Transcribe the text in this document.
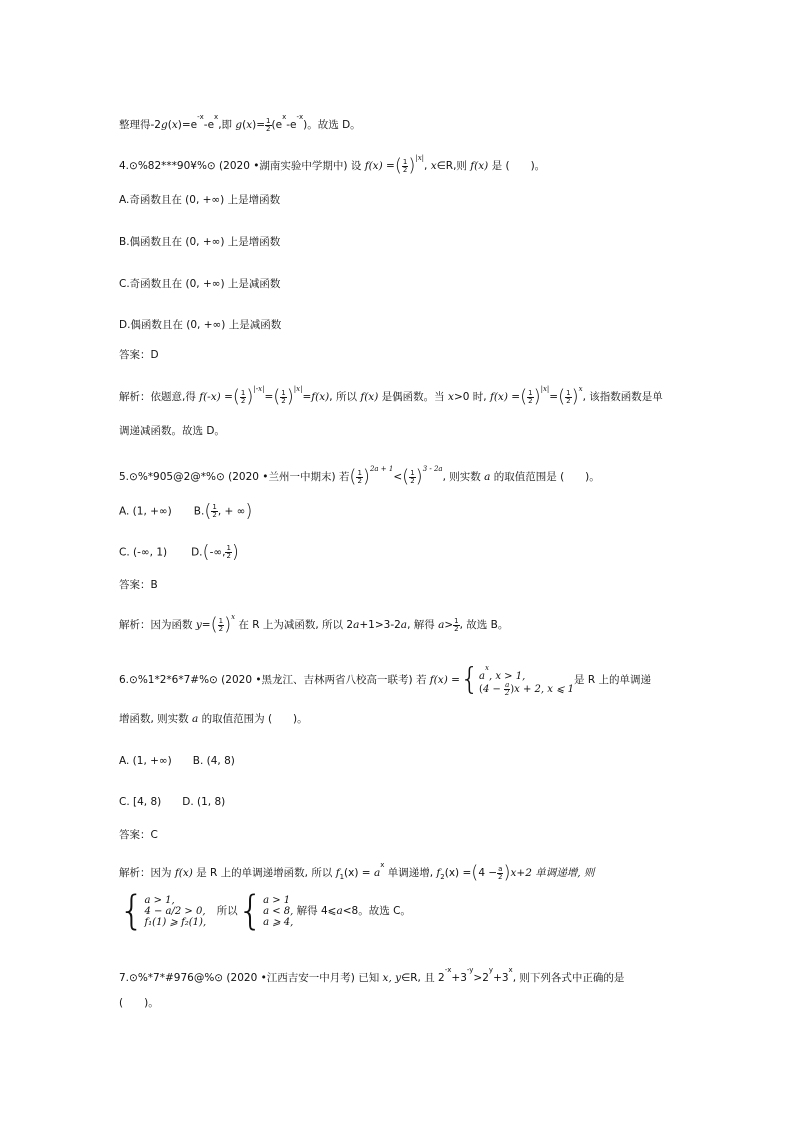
整理得$-2g(x)=e^{-x}-e^x$,即 $g(x)= \frac{1}{2} (e^x-e^{-x})$。故选 D。
4.⊙%82***90¥%⊙ (2020 •湖南实验中学期中) 设 f(x) =( $\frac{1}{2} )^{|x|}$, x∈R,则 f(x) 是 (　　)。
A.奇函数且在 (0, +∞) 上是增函数
B.偶函数且在 (0, +∞) 上是增函数
C.奇函数且在 (0, +∞) 上是减函数
D.偶函数且在 (0, +∞) 上是减函数
答案：D
解析：依题意,得 f(-x) =( $\frac{1}{2} )^{|-x|}=( \frac{1}{2} )^{|x|}=f(x)$, 所以 f(x) 是偶函数。当 x>0 时, f(x) =( $\frac{1}{2} )^{|x|}=( \frac{1}{2} )^x$, 该指数函数是单
调递减函数。故选 D。
5.⊙%*905@2@*%⊙ (2020 •兰州一中期末) 若( $\frac{1}{2} )^{2a + 1}<( \frac{1}{2} )^{3 - 2a}$, 则实数 a 的取值范围是 (　　)。
A. (1, +∞) $B.( \frac{1}{2}$ , + ∞)
C. (-∞, 1) D.(-∞, $\frac{1}{2}$ )
答案：B
解析：因为函数 $y=( \frac{1}{2} )^x$ 在 R 上为减函数, 所以 2a+1>3-2a, 解得 $a> \frac{1}{2}$ , 故选 B。
6.⊙%1*2*6*7#%⊙ (2020 •黑龙江、吉林两省八校高一联考) 若 f(x) ={ $a^x$, x > 1,
$(4 - \frac{a}{2} )x + 2$, x ⩽ 1
是 R 上的单调递
增函数, 则实数 a 的取值范围为 (　　)。
A. (1, +∞)　　B. (4, 8)
C. [4, 8)　　D. (1, 8)
答案：C
解析：因为 f(x) 是 R 上的单调递增函数, 所以 $f_1(x) = a^x$ 单调递增, $f_2(x) =(4 - \frac{a}{2} )x+2$ 单调递增, 则
{ a > 1,
4 − a/2 > 0,
f₁(1) ⩾ f₂(1),
　所以{ a > 1
a < 8,
a ⩾ 4,
解得 4⩽a<8。故选 C。
7.⊙%*7*#976@%⊙ (2020 •江西吉安一中月考) 已知 x, y∈R, 且 $2^{-x}+3^{-y}>2^y+3^x$, 则下列各式中正确的是
(　　)。
